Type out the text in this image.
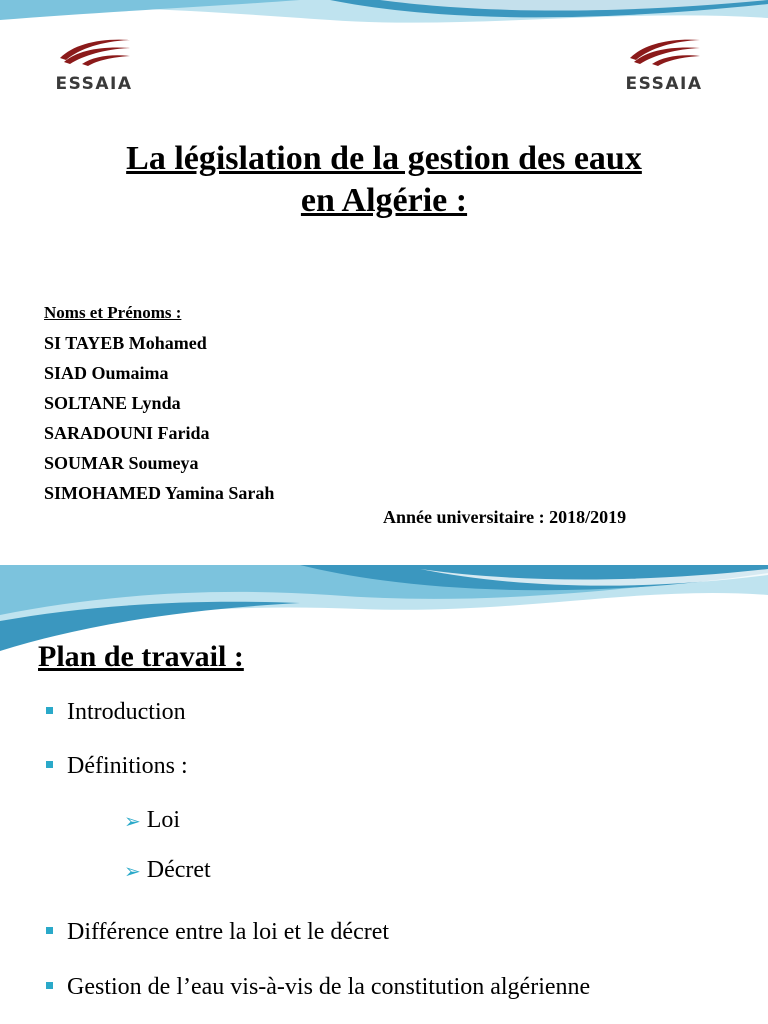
ESSAIA	ESSAIA
La législation de la gestion des eaux
en Algérie :
Noms et Prénoms :
SI TAYEB Mohamed
SIAD Oumaima
SOLTANE Lynda
SARADOUNI Farida
SOUMAR Soumeya
SIMOHAMED Yamina Sarah
Année universitaire : 2018/2019
Plan de travail :
Introduction
Définitions :
➢ Loi
➢ Décret
Différence entre la loi et le décret
Gestion de l’eau vis-à-vis de la constitution algérienne
